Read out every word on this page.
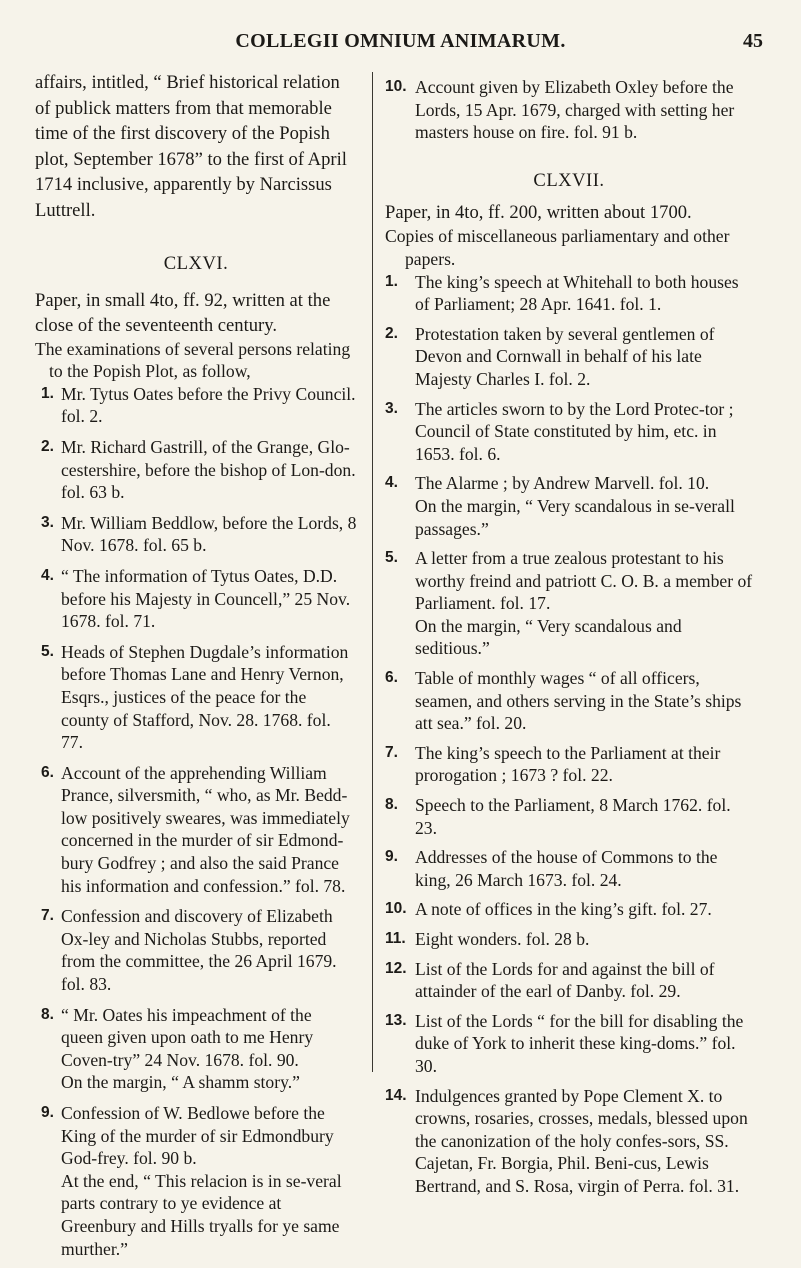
COLLEGII OMNIUM ANIMARUM.	45

affairs, intitled, “ Brief historical relation of publick matters from that memorable time of the first discovery of the Popish plot, September 1678” to the first of April 1714 inclusive, apparently by Narcissus Luttrell.

CLXVI.

Paper, in small 4to, ff. 92, written at the close of the seventeenth century.

The examinations of several persons relating to the Popish Plot, as follow,

1. Mr. Tytus Oates before the Privy Council. fol. 2.
2. Mr. Richard Gastrill, of the Grange, Glo-cestershire, before the bishop of Lon-don. fol. 63 b.
3. Mr. William Beddlow, before the Lords, 8 Nov. 1678. fol. 65 b.
4. “ The information of Tytus Oates, D.D. before his Majesty in Councell,” 25 Nov. 1678. fol. 71.
5. Heads of Stephen Dugdale’s information before Thomas Lane and Henry Vernon, Esqrs., justices of the peace for the county of Stafford, Nov. 28. 1768. fol. 77.
6. Account of the apprehending William Prance, silversmith, “ who, as Mr. Bedd-low positively sweares, was immediately concerned in the murder of sir Edmond-bury Godfrey ; and also the said Prance his information and confession.” fol. 78.
7. Confession and discovery of Elizabeth Ox-ley and Nicholas Stubbs, reported from the committee, the 26 April 1679. fol. 83.
8. “ Mr. Oates his impeachment of the queen given upon oath to me Henry Coven-try” 24 Nov. 1678. fol. 90.
On the margin, “ A shamm story.”
9. Confession of W. Bedlowe before the King of the murder of sir Edmondbury God-frey. fol. 90 b.
At the end, “ This relacion is in se-veral parts contrary to ye evidence at Greenbury and Hills tryalls for ye same murther.”
10. Account given by Elizabeth Oxley before the Lords, 15 Apr. 1679, charged with setting her masters house on fire. fol. 91 b.
CLXVII.

Paper, in 4to, ff. 200, written about 1700.

Copies of miscellaneous parliamentary and other papers.

1. The king’s speech at Whitehall to both houses of Parliament; 28 Apr. 1641. fol. 1.
2. Protestation taken by several gentlemen of Devon and Cornwall in behalf of his late Majesty Charles I. fol. 2.
3. The articles sworn to by the Lord Protec-tor ; Council of State constituted by him, etc. in 1653. fol. 6.
4. The Alarme ; by Andrew Marvell. fol. 10.
On the margin, “ Very scandalous in se-verall passages.”
5. A letter from a true zealous protestant to his worthy freind and patriott C. O. B. a member of Parliament. fol. 17.
On the margin, “ Very scandalous and seditious.”
6. Table of monthly wages “ of all officers, seamen, and others serving in the State’s ships att sea.” fol. 20.
7. The king’s speech to the Parliament at their prorogation ; 1673 ? fol. 22.
8. Speech to the Parliament, 8 March 1762. fol. 23.
9. Addresses of the house of Commons to the king, 26 March 1673. fol. 24.
10. A note of offices in the king’s gift. fol. 27.
11. Eight wonders. fol. 28 b.
12. List of the Lords for and against the bill of attainder of the earl of Danby. fol. 29.
13. List of the Lords “ for the bill for disabling the duke of York to inherit these king-doms.” fol. 30.
14. Indulgences granted by Pope Clement X. to crowns, rosaries, crosses, medals, blessed upon the canonization of the holy confes-sors, SS. Cajetan, Fr. Borgia, Phil. Beni-cus, Lewis Bertrand, and S. Rosa, virgin of Perra. fol. 31.
